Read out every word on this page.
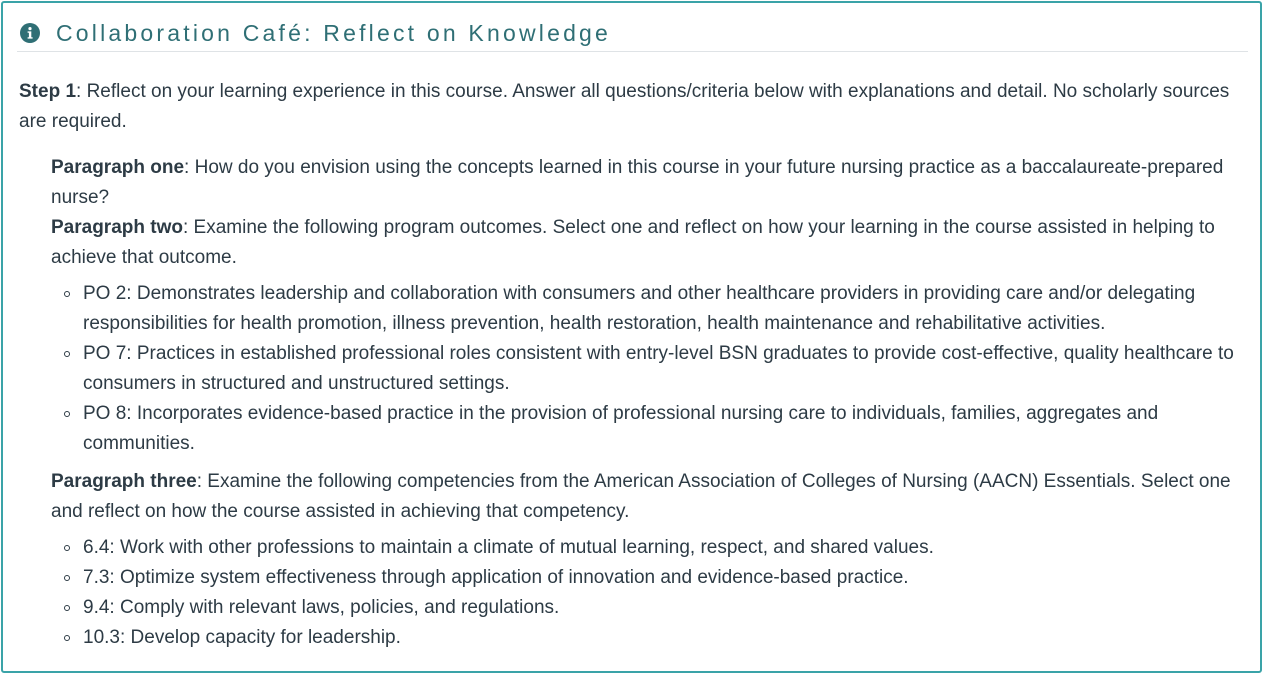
Collaboration Café: Reflect on Knowledge

Step 1: Reflect on your learning experience in this course. Answer all questions/criteria below with explanations and detail. No scholarly sources are required.

Paragraph one: How do you envision using the concepts learned in this course in your future nursing practice as a baccalaureate-prepared nurse?

Paragraph two: Examine the following program outcomes. Select one and reflect on how your learning in the course assisted in helping to achieve that outcome.

PO 2: Demonstrates leadership and collaboration with consumers and other healthcare providers in providing care and/or delegating responsibilities for health promotion, illness prevention, health restoration, health maintenance and rehabilitative activities.
PO 7: Practices in established professional roles consistent with entry-level BSN graduates to provide cost-effective, quality healthcare to consumers in structured and unstructured settings.
PO 8: Incorporates evidence-based practice in the provision of professional nursing care to individuals, families, aggregates and communities.

Paragraph three: Examine the following competencies from the American Association of Colleges of Nursing (AACN) Essentials. Select one and reflect on how the course assisted in achieving that competency.

6.4: Work with other professions to maintain a climate of mutual learning, respect, and shared values.
7.3: Optimize system effectiveness through application of innovation and evidence-based practice.
9.4: Comply with relevant laws, policies, and regulations.
10.3: Develop capacity for leadership.
